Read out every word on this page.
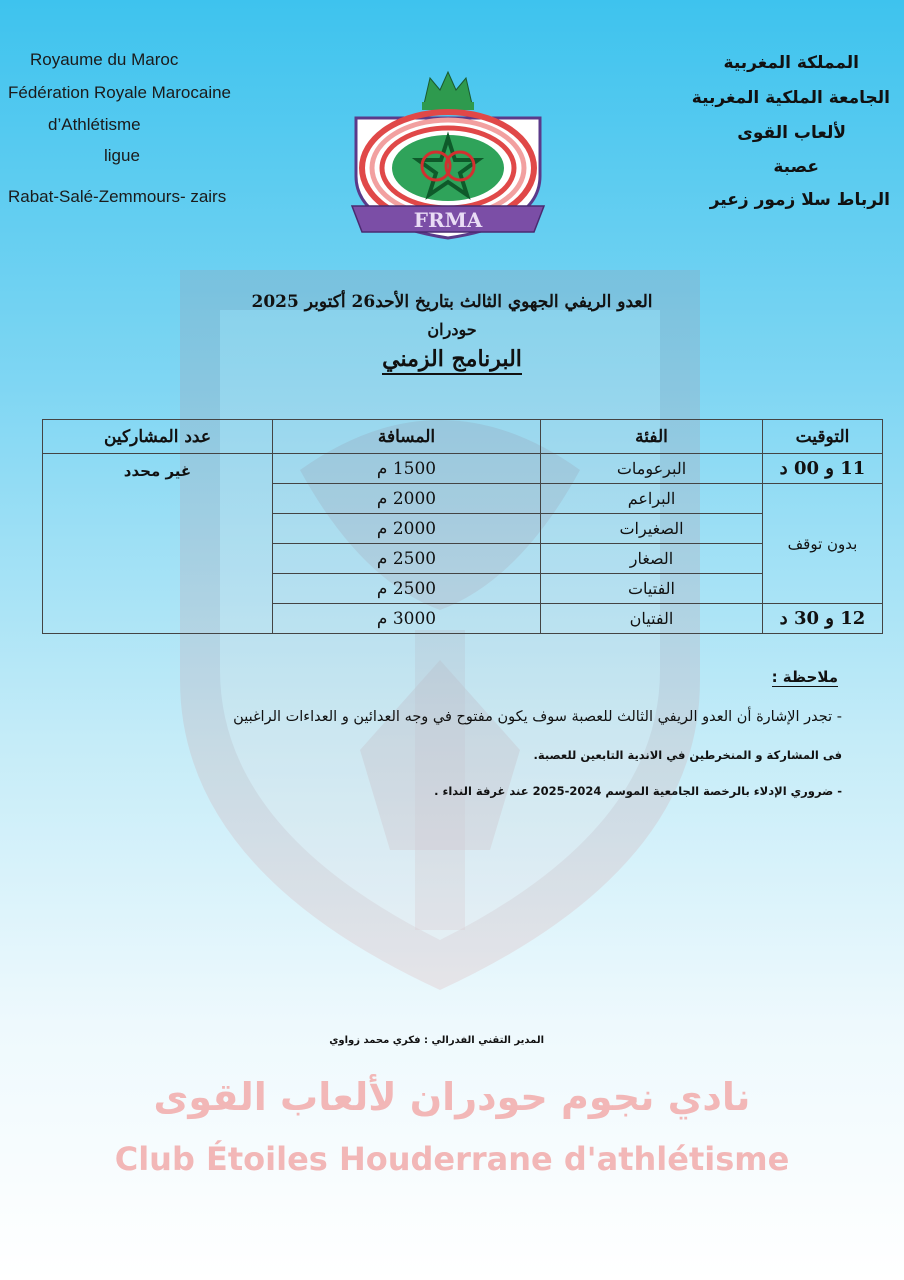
Royaume du Maroc
Fédération Royale Marocaine
d’Athlétisme
ligue
Rabat-Salé-Zemmours- zairs
المملكة المغربية
الجامعة الملكية المغربية
لألعاب القوى
عصبة
الرباط سلا زمور زعير
FRMA
العدو الريفي الجهوي الثالث بتاريخ الأحد26 أكتوبر 2025
حودران
البرنامج الزمني
التوقيت	الفئة	المسافة	عدد المشاركين
11 و 00 د	البرعومات	1500 م	غير محدد
بدون توقف	البراعم	2000 م	
	الصغيرات	2000 م	
	الصغار	2500 م	
	الفتيات	2500 م	
12 و 30 د	الفتيان	3000 م	
ملاحظة :
- تجدر الإشارة أن العدو الريفي الثالث للعصبة سوف يكون مفتوح في وجه العدائين و العداءات الراغبين
فى المشاركة و المنخرطين في الاندية التابعين للعصبة.
- ضروري الإدلاء بالرخصة الجامعية الموسم 2024-2025 عند غرفة النداء .
المدير التقني الفدرالي : فكري محمد زواوي
نادي نجوم حودران لألعاب القوى
Club Étoiles Houderrane d'athlétisme
